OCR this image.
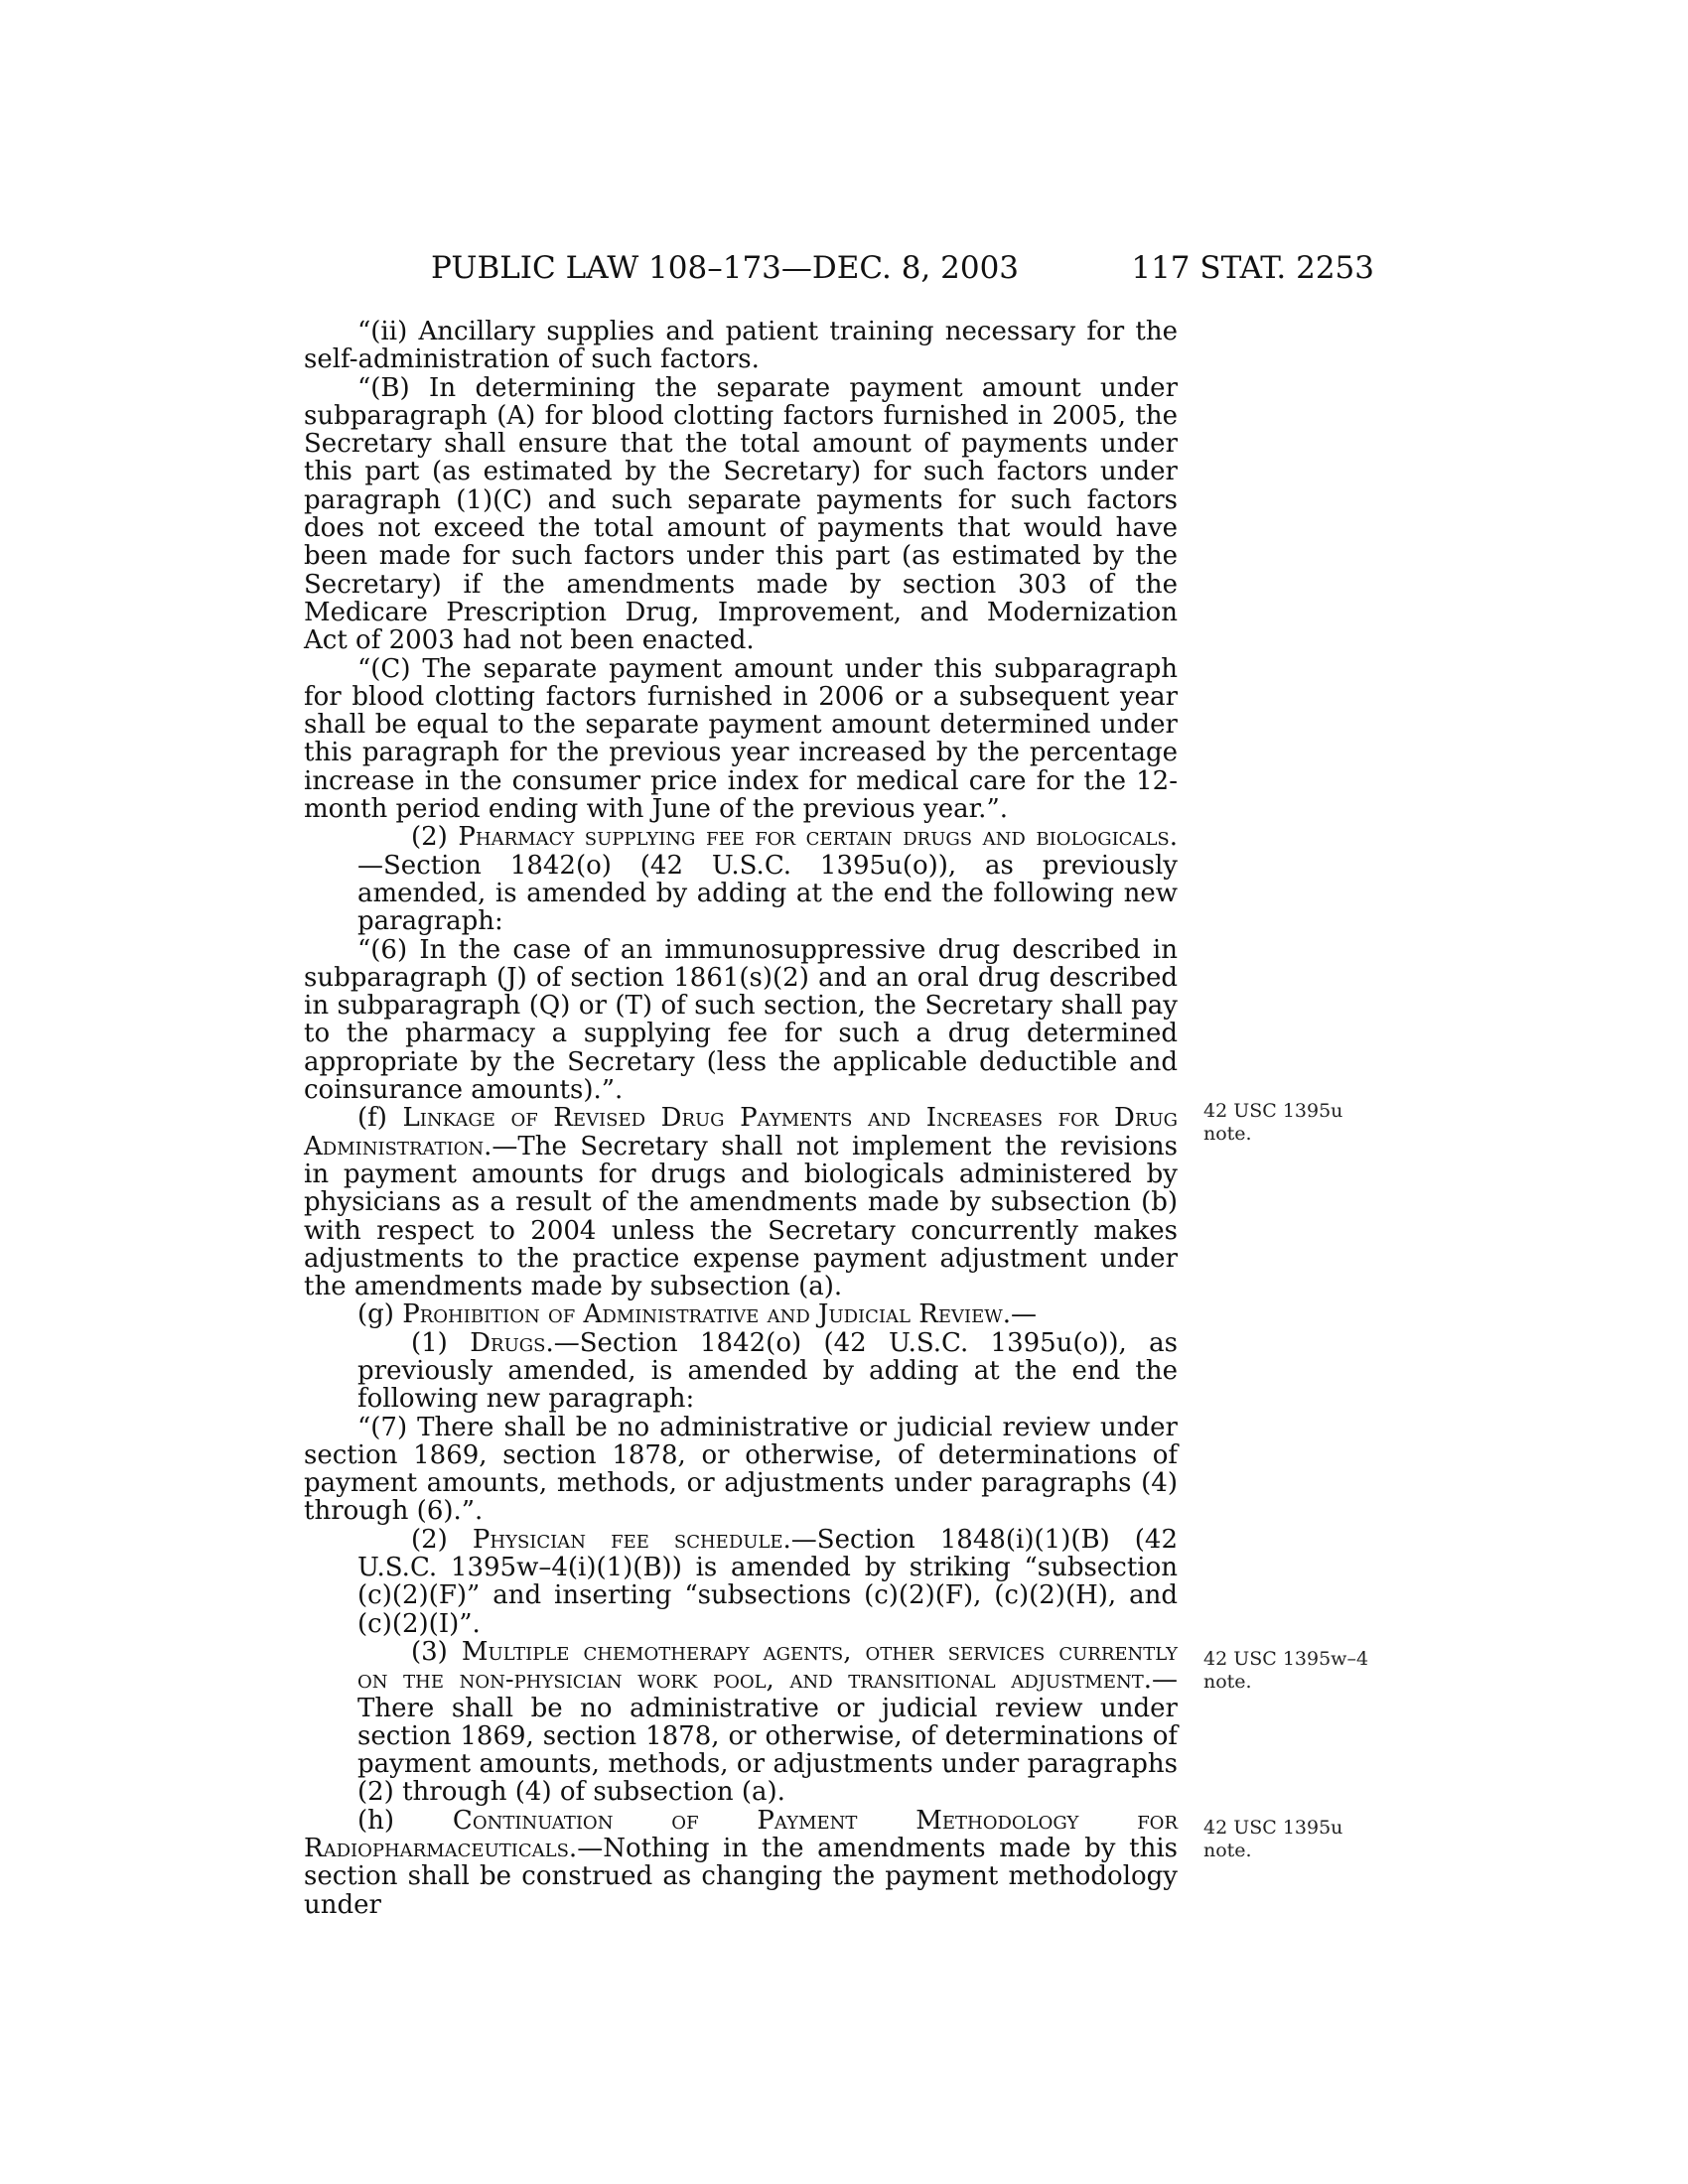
PUBLIC LAW 108–173—DEC. 8, 2003	117 STAT. 2253

“(ii) Ancillary supplies and patient training necessary for the self-administration of such factors.

“(B) In determining the separate payment amount under subparagraph (A) for blood clotting factors furnished in 2005, the Secretary shall ensure that the total amount of payments under this part (as estimated by the Secretary) for such factors under paragraph (1)(C) and such separate payments for such factors does not exceed the total amount of payments that would have been made for such factors under this part (as estimated by the Secretary) if the amendments made by section 303 of the Medicare Prescription Drug, Improvement, and Modernization Act of 2003 had not been enacted.

“(C) The separate payment amount under this subparagraph for blood clotting factors furnished in 2006 or a subsequent year shall be equal to the separate payment amount determined under this paragraph for the previous year increased by the percentage increase in the consumer price index for medical care for the 12-month period ending with June of the previous year.”.

(2) Pharmacy supplying fee for certain drugs and biologicals.—Section 1842(o) (42 U.S.C. 1395u(o)), as previously amended, is amended by adding at the end the following new paragraph:

“(6) In the case of an immunosuppressive drug described in subparagraph (J) of section 1861(s)(2) and an oral drug described in subparagraph (Q) or (T) of such section, the Secretary shall pay to the pharmacy a supplying fee for such a drug determined appropriate by the Secretary (less the applicable deductible and coinsurance amounts).”.

(f) Linkage of Revised Drug Payments and Increases for Drug Administration.—The Secretary shall not implement the revisions in payment amounts for drugs and biologicals administered by physicians as a result of the amendments made by subsection (b) with respect to 2004 unless the Secretary concurrently makes adjustments to the practice expense payment adjustment under the amendments made by subsection (a).

(g) Prohibition of Administrative and Judicial Review.—

(1) Drugs.—Section 1842(o) (42 U.S.C. 1395u(o)), as previously amended, is amended by adding at the end the following new paragraph:

“(7) There shall be no administrative or judicial review under section 1869, section 1878, or otherwise, of determinations of payment amounts, methods, or adjustments under paragraphs (4) through (6).”.

(2) Physician fee schedule.—Section 1848(i)(1)(B) (42 U.S.C. 1395w–4(i)(1)(B)) is amended by striking “subsection (c)(2)(F)” and inserting “subsections (c)(2)(F), (c)(2)(H), and (c)(2)(I)”.

(3) Multiple chemotherapy agents, other services currently on the non-physician work pool, and transitional adjustment.—There shall be no administrative or judicial review under section 1869, section 1878, or otherwise, of determinations of payment amounts, methods, or adjustments under paragraphs (2) through (4) of subsection (a).

(h) Continuation of Payment Methodology for Radiopharmaceuticals.—Nothing in the amendments made by this section shall be construed as changing the payment methodology under

42 USC 1395u
note.
42 USC 1395w–4
note.
42 USC 1395u
note.
